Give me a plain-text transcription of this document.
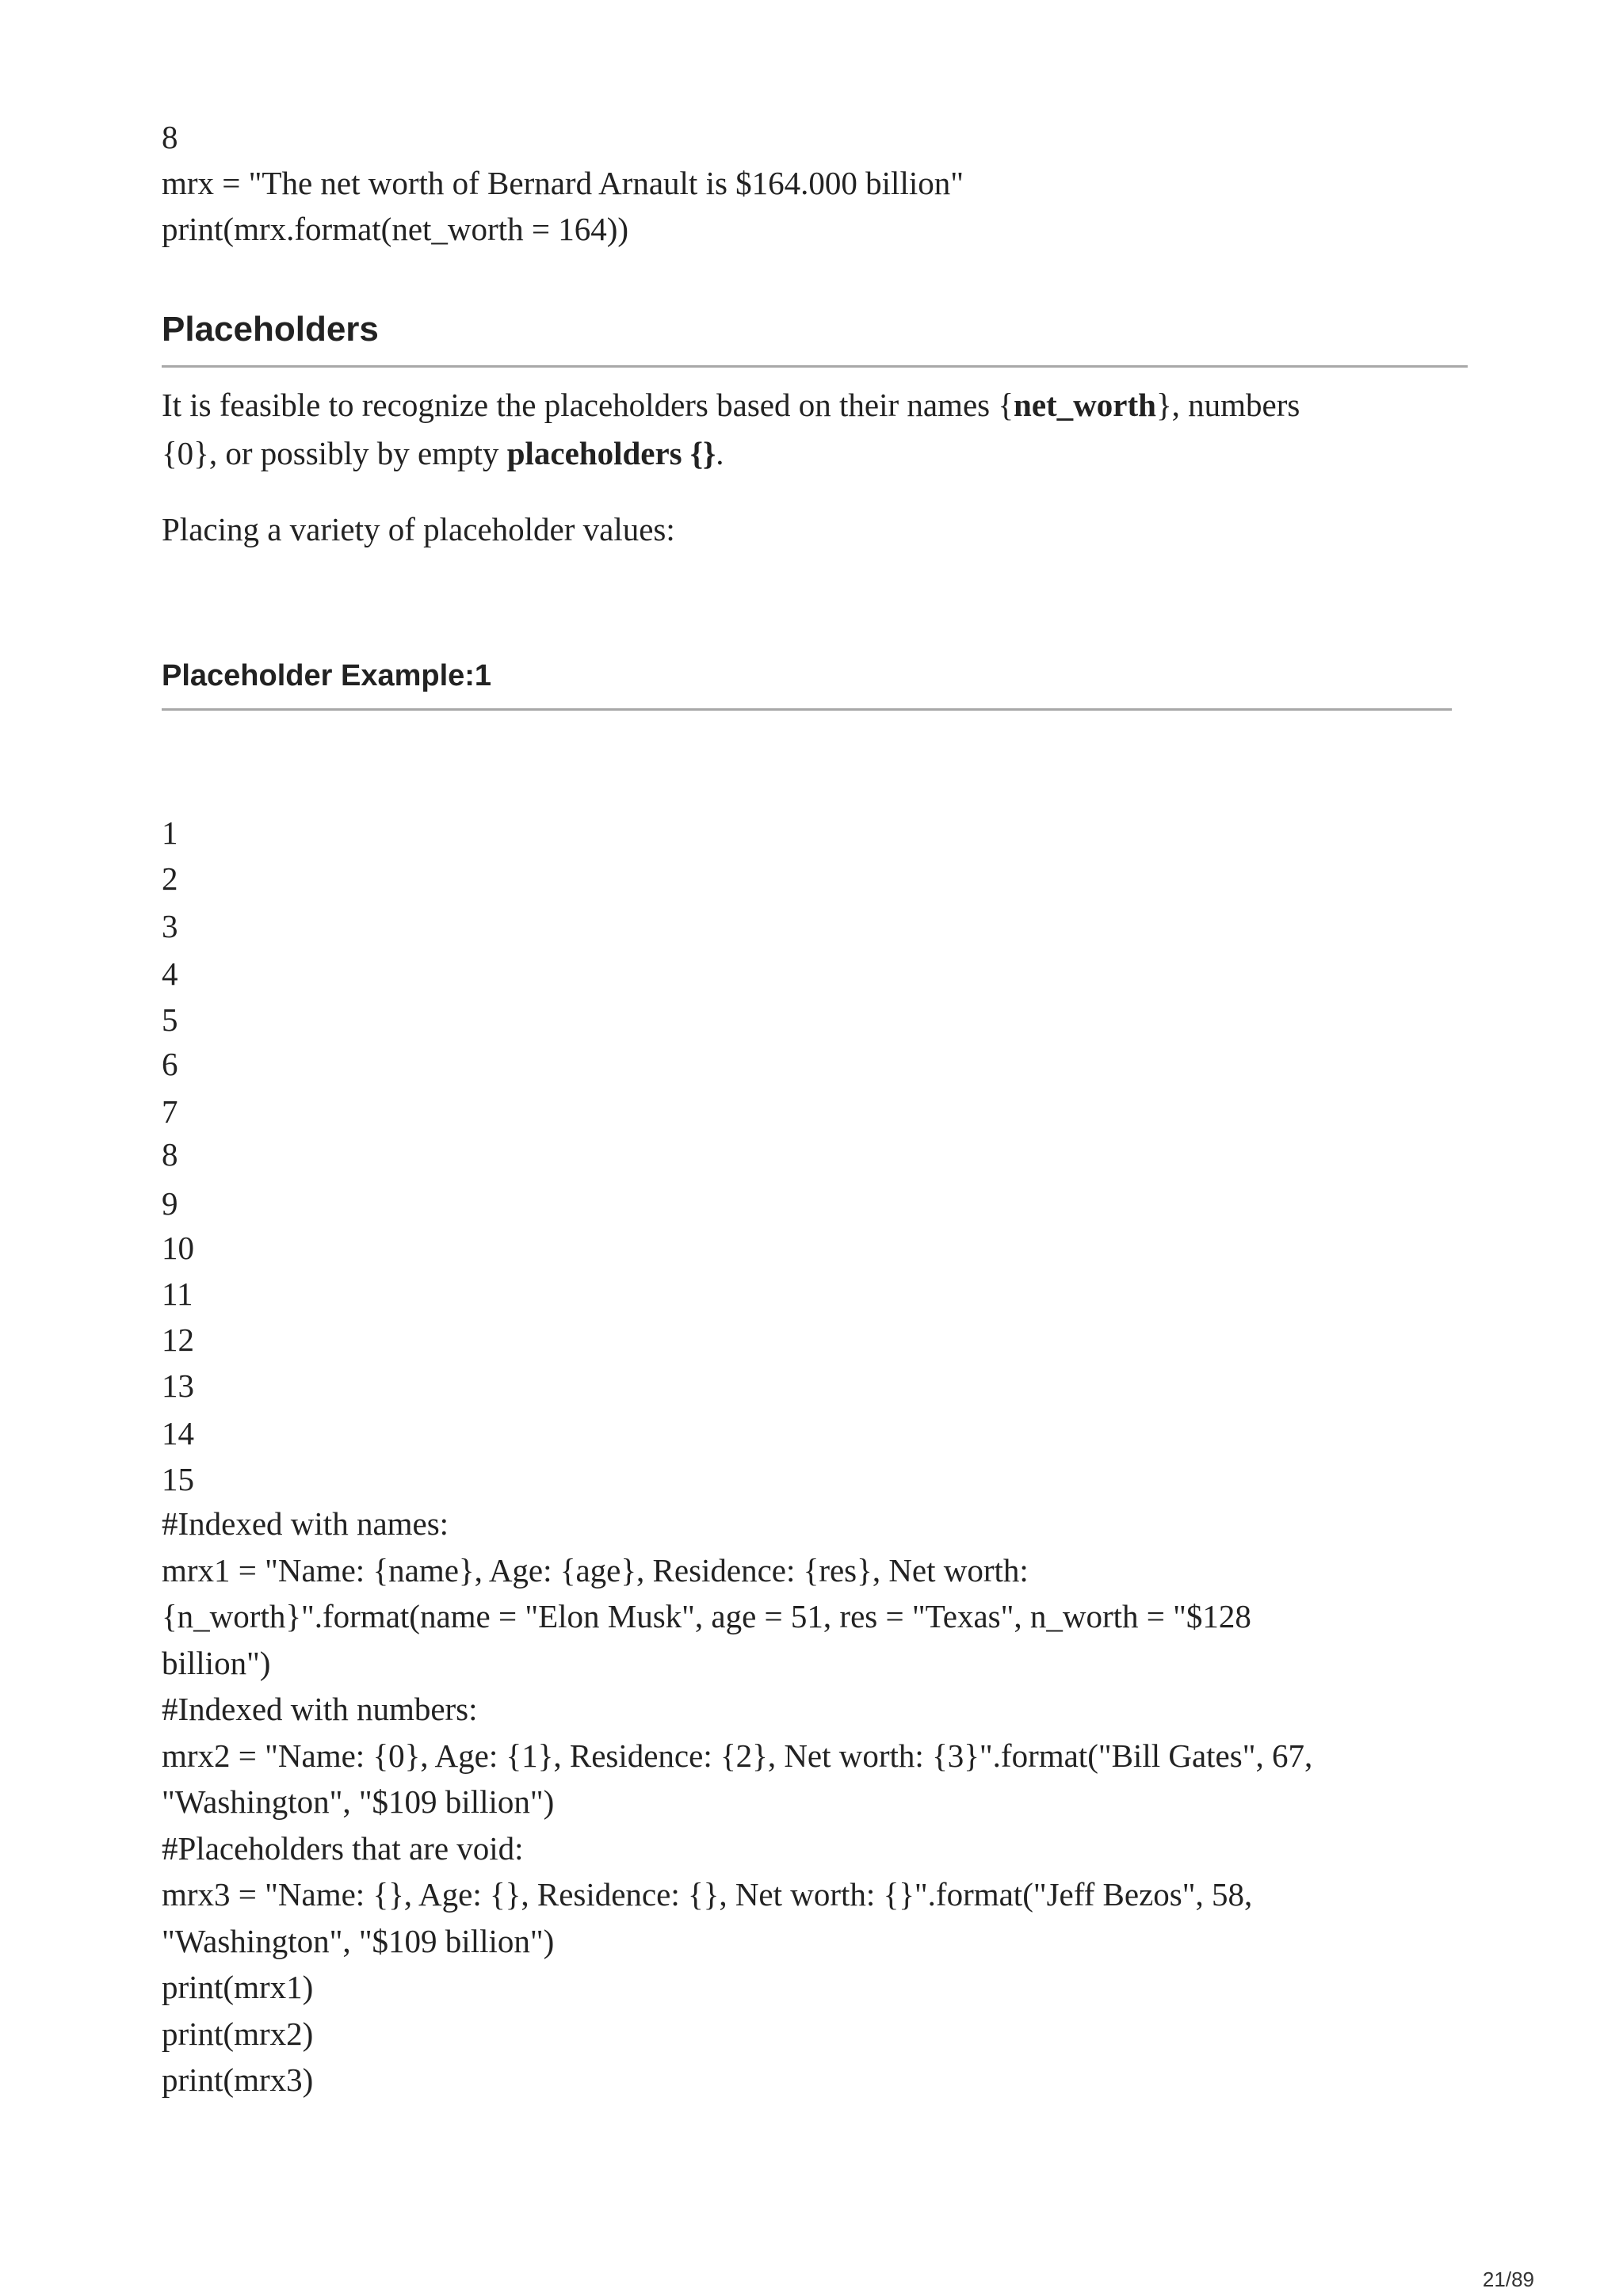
8
mrx = "The net worth of Bernard Arnault is $164.000 billion"
print(mrx.format(net_worth = 164))
Placeholders
It is feasible to recognize the placeholders based on their names {net_worth}, numbers
{0}, or possibly by empty placeholders {}.
Placing a variety of placeholder values:
Placeholder Example:1
1
2
3
4
5
6
7
8
9
10
11
12
13
14
15
#Indexed with names:
mrx1 = "Name: {name}, Age: {age}, Residence: {res}, Net worth:
{n_worth}".format(name = "Elon Musk", age = 51, res = "Texas", n_worth = "$128
billion")
#Indexed with numbers:
mrx2 = "Name: {0}, Age: {1}, Residence: {2}, Net worth: {3}".format("Bill Gates", 67,
"Washington", "$109 billion")
#Placeholders that are void:
mrx3 = "Name: {}, Age: {}, Residence: {}, Net worth: {}".format("Jeff Bezos", 58,
"Washington", "$109 billion")
print(mrx1)
print(mrx2)
print(mrx3)
21/89
